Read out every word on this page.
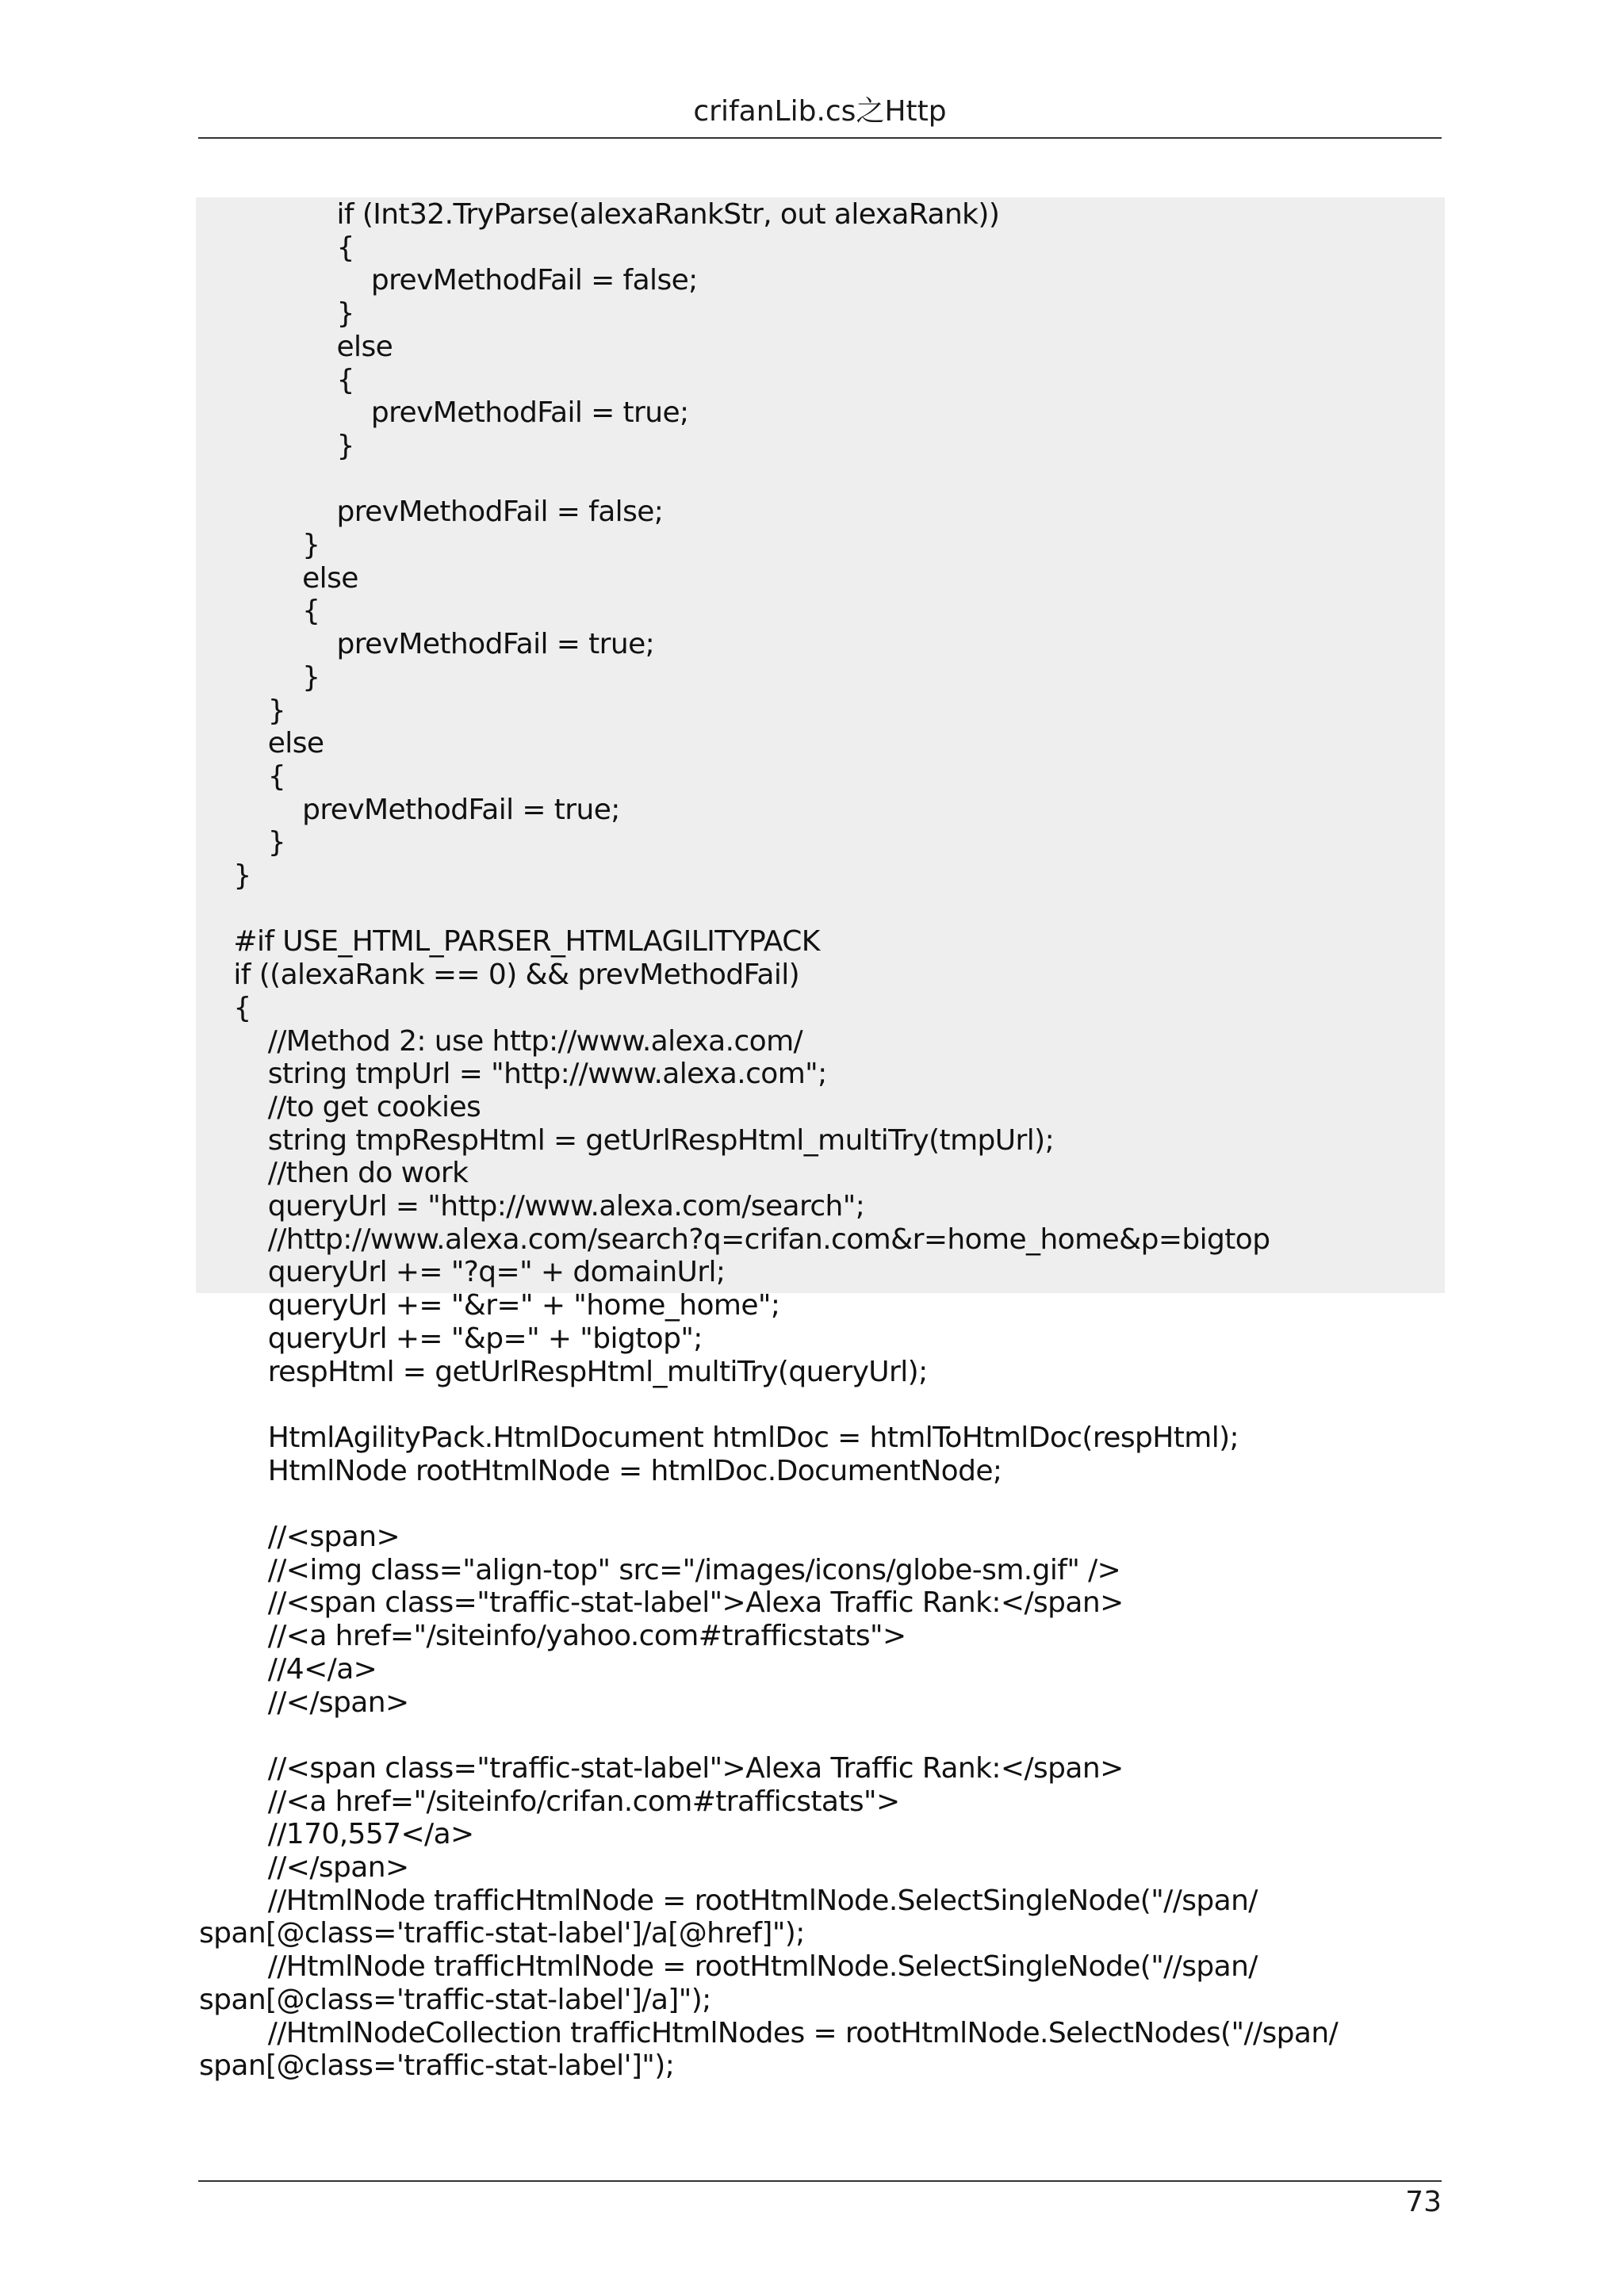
crifanLib.cs之Http
if (Int32.TryParse(alexaRankStr, out alexaRank))
{
prevMethodFail = false;
}
else
{
prevMethodFail = true;
}
prevMethodFail = false;
}
else
{
prevMethodFail = true;
}
}
else
{
prevMethodFail = true;
}
}
#if USE_HTML_PARSER_HTMLAGILITYPACK
if ((alexaRank == 0) && prevMethodFail)
{
//Method 2: use http://www.alexa.com/
string tmpUrl = "http://www.alexa.com";
//to get cookies
string tmpRespHtml = getUrlRespHtml_multiTry(tmpUrl);
//then do work
queryUrl = "http://www.alexa.com/search";
//http://www.alexa.com/search?q=crifan.com&r=home_home&p=bigtop
queryUrl += "?q=" + domainUrl;
queryUrl += "&r=" + "home_home";
queryUrl += "&p=" + "bigtop";
respHtml = getUrlRespHtml_multiTry(queryUrl);
HtmlAgilityPack.HtmlDocument htmlDoc = htmlToHtmlDoc(respHtml);
HtmlNode rootHtmlNode = htmlDoc.DocumentNode;
//<span>
//<img class="align-top" src="/images/icons/globe-sm.gif" />
//<span class="traffic-stat-label">Alexa Traffic Rank:</span>
//<a href="/siteinfo/yahoo.com#trafficstats">
//4</a>
//</span>
//<span class="traffic-stat-label">Alexa Traffic Rank:</span>
//<a href="/siteinfo/crifan.com#trafficstats">
//170,557</a>
//</span>
//HtmlNode trafficHtmlNode = rootHtmlNode.SelectSingleNode("//span/
span[@class='traffic-stat-label']/a[@href]");
//HtmlNode trafficHtmlNode = rootHtmlNode.SelectSingleNode("//span/
span[@class='traffic-stat-label']/a]");
//HtmlNodeCollection trafficHtmlNodes = rootHtmlNode.SelectNodes("//span/
span[@class='traffic-stat-label']");
73
